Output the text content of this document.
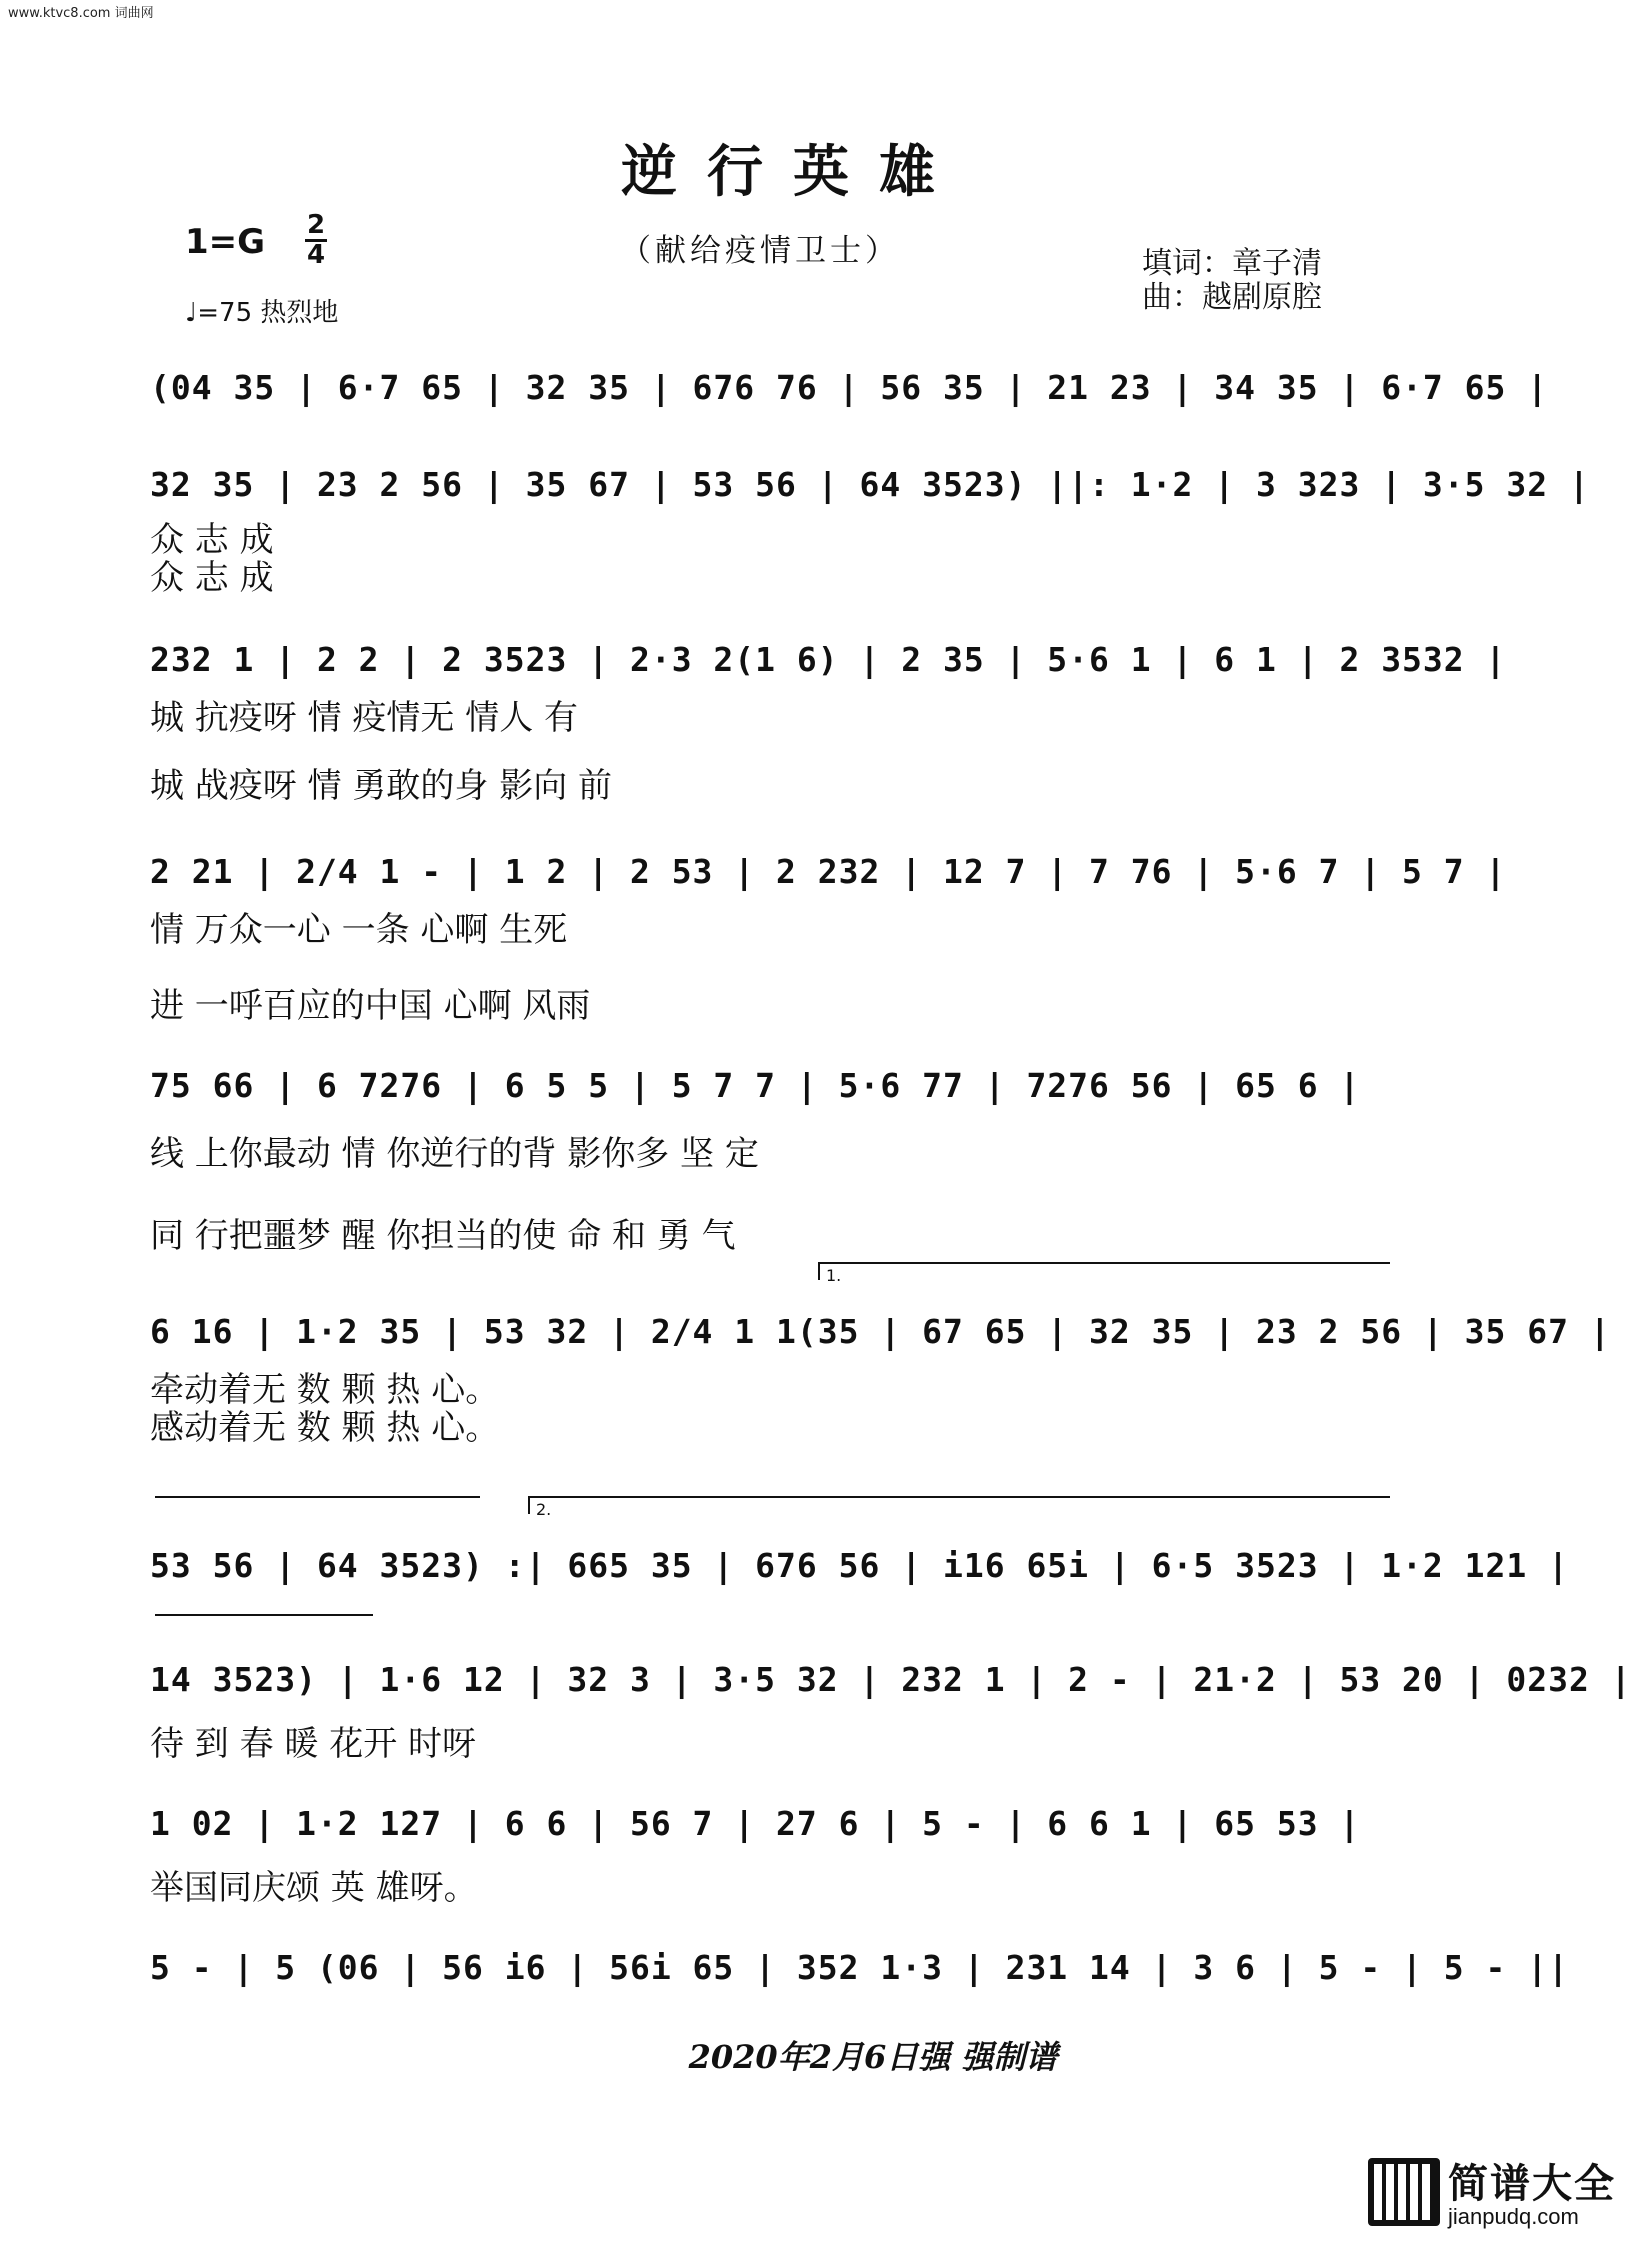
www.ktvc8.com 词曲网
逆行英雄
1=G 2
4	（献给疫情卫士）	填词：章子清
曲：越剧原腔
♩=75 热烈地
(04 35 | 6·7 65 | 32 35 | 676 76 | 56 35 | 21 23 | 34 35 | 6·7 65 |
32 35 | 23 2 56 | 35 67 | 53 56 | 64 3523) ||: 1·2 | 3 323 | 3·5 32 |
众 志 成
众 志 成
232 1 | 2 2 | 2 3523 | 2·3 2(1 6) | 2 35 | 5·6 1 | 6 1 | 2 3532 |
城 抗疫呀 情 疫情无 情人 有
城 战疫呀 情 勇敢的身 影向 前
2 21 | 2/4 1 - | 1 2 | 2 53 | 2 232 | 12 7 | 7 76 | 5·6 7 | 5 7 |
情 万众一心 一条 心啊 生死
进 一呼百应的中国 心啊 风雨
75 66 | 6 7276 | 6 5 5 | 5 7 7 | 5·6 77 | 7276 56 | 65 6 |
线 上你最动 情 你逆行的背 影你多 坚 定
同 行把噩梦 醒 你担当的使 命 和 勇 气
1.
6 16 | 1·2 35 | 53 32 | 2/4 1 1(35 | 67 65 | 32 35 | 23 2 56 | 35 67 |
牵动着无 数 颗 热 心。
感动着无 数 颗 热 心。
2.
53 56 | 64 3523) :| 665 35 | 676 56 | i16 65i | 6·5 3523 | 1·2 121 |
14 3523) | 1·6 12 | 32 3 | 3·5 32 | 232 1 | 2 - | 21·2 | 53 20 | 0232 |
待 到 春 暖 花开 时呀
1 02 | 1·2 127 | 6 6 | 56 7 | 27 6 | 5 - | 6 6 1 | 65 53 |
举国同庆颂 英 雄呀。
5 - | 5 (06 | 56 i6 | 56i 65 | 352 1·3 | 231 14 | 3 6 | 5 - | 5 - ||
2020年2月6日强 强制谱
简谱大全
jianpudq.com
